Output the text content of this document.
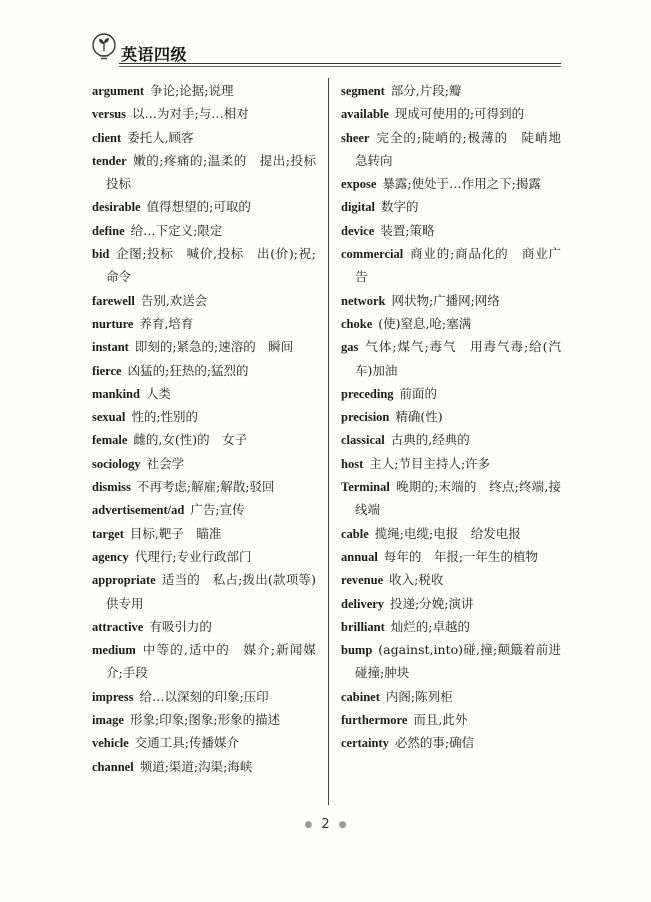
英语四级

argument 争论;论据;说理

versus 以…为对手;与…相对

client 委托人,顾客

tender 嫩的;疼痛的;温柔的　提出;投标　投标

desirable 值得想望的;可取的

define 给…下定义;限定

bid 企图;投标　喊价,投标　出(价);祝;命令

farewell 告别,欢送会

nurture 养育,培育

instant 即刻的;紧急的;速溶的　瞬间

fierce 凶猛的;狂热的;猛烈的

mankind 人类

sexual 性的;性别的

female 雌的,女(性)的　女子

sociology 社会学

dismiss 不再考虑;解雇;解散;驳回

advertisement/ad 广告;宣传

target 目标,靶子　瞄准

agency 代理行;专业行政部门

appropriate 适当的　私占;拨出(款项等)供专用

attractive 有吸引力的

medium 中等的,适中的　媒介;新闻媒介;手段

impress 给…以深刻的印象;压印

image 形象;印象;图象;形象的描述

vehicle 交通工具;传播媒介

channel 频道;渠道;沟渠;海峡

segment 部分,片段;瓣

available 现成可使用的;可得到的

sheer 完全的;陡峭的;极薄的　陡峭地　急转向

expose 暴露;使处于…作用之下;揭露

digital 数字的

device 装置;策略

commercial 商业的;商品化的　商业广告

network 网状物;广播网;网络

choke (使)窒息,呛;塞满

gas 气体;煤气;毒气　用毒气毒;给(汽车)加油

preceding 前面的

precision 精确(性)

classical 古典的,经典的

host 主人;节目主持人;许多

Terminal 晚期的;末端的　终点;终端,接线端

cable 揽绳;电缆;电报　给发电报

annual 每年的　年报;一年生的植物

revenue 收入;税收

delivery 投递;分娩;演讲

brilliant 灿烂的;卓越的

bump (against,into)碰,撞;颠簸着前进　碰撞;肿块

cabinet 内阁;陈列柜

furthermore 而且,此外

certainty 必然的事;确信

● 2 ●
